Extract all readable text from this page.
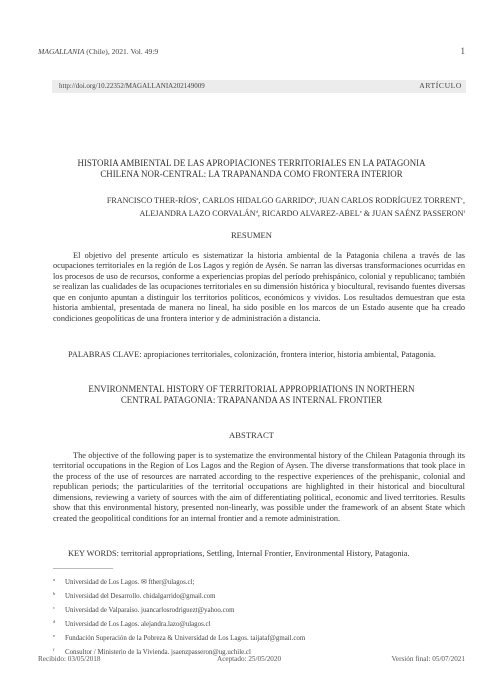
MAGALLANIA (Chile), 2021. Vol. 49:9	1
http://doi.org/10.22352/MAGALLANIA202149009	ARTÍCULO
HISTORIA AMBIENTAL DE LAS APROPIACIONES TERRITORIALES EN LA PATAGONIA
CHILENA NOR-CENTRAL: LA TRAPANANDA COMO FRONTERA INTERIOR
FRANCISCO THER-RÍOS$^a$, CARLOS HIDALGO GARRIDO$^b$, JUAN CARLOS RODRÍGUEZ TORRENT$^c$,
ALEJANDRA LAZO CORVALÁN$^d$, RICARDO ALVAREZ-ABEL$^e$ & JUAN SAÉNZ PASSERON$^f$
RESUMEN
El objetivo del presente artículo es sistematizar la historia ambiental de la Patagonia chilena a través de las ocupaciones territoriales en la región de Los Lagos y región de Aysén. Se narran las diversas transformaciones ocurridas en los procesos de uso de recursos, conforme a experiencias propias del período prehispánico, colonial y republicano; también se realizan las cualidades de las ocupaciones territoriales en su dimensión histórica y biocultural, revisando fuentes diversas que en conjunto apuntan a distinguir los territorios políticos, económicos y vividos. Los resultados demuestran que esta historia ambiental, presentada de manera no lineal, ha sido posible en los marcos de un Estado ausente que ha creado condiciones geopolíticas de una frontera interior y de administración a distancia.
PALABRAS CLAVE: apropiaciones territoriales, colonización, frontera interior, historia ambiental, Patagonia.
ENVIRONMENTAL HISTORY OF TERRITORIAL APPROPRIATIONS IN NORTHERN
CENTRAL PATAGONIA: TRAPANANDA AS INTERNAL FRONTIER
ABSTRACT
The objective of the following paper is to systematize the environmental history of the Chilean Patagonia through its territorial occupations in the Region of Los Lagos and the Region of Aysen. The diverse transformations that took place in the process of the use of resources are narrated according to the respective experiences of the prehispanic, colonial and republican periods; the particularities of the territorial occupations are highlighted in their historical and biocultural dimensions, reviewing a variety of sources with the aim of differentiating political, economic and lived territories. Results show that this environmental history, presented non-linearly, was possible under the framework of an absent State which created the geopolitical conditions for an internal frontier and a remote administration.
KEY WORDS: territorial appropriations, Settling, Internal Frontier, Environmental History, Patagonia.
a Universidad de Los Lagos. ✉ fther@ulagos.cl;
b Universidad del Desarrollo. chidalgarrido@gmail.com
c Universidad de Valparaíso. juancarlosrodriguezt@yahoo.com
d Universidad de Los Lagos. alejandra.lazo@ulagos.cl
e Fundación Superación de la Pobreza & Universidad de Los Lagos. taijataf@gmail.com
f Consultor / Ministerio de la Vivienda. jsaenzpasseron@ug.uchile.cl
Recibido: 03/05/2018	Aceptado: 25/05/2020	Versión final: 05/07/2021
